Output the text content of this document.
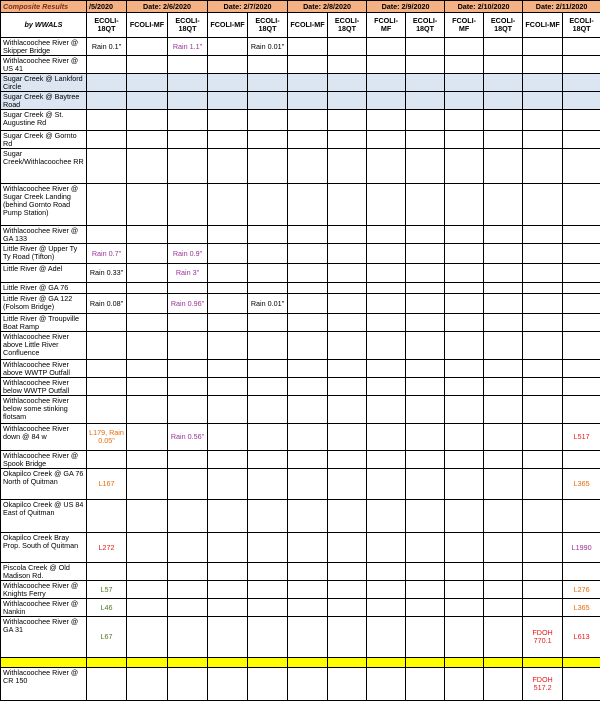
Composite Results	/5/2020	Date: 2/6/2020		Date: 2/7/2020		Date: 2/8/2020		Date: 2/9/2020		Date: 2/10/2020		Date: 2/11/2020	
by WWALS	ECOLI-18QT	FCOLI-MF	ECOLI-18QT	FCOLI-MF	ECOLI-18QT	FCOLI-MF	ECOLI-18QT	FCOLI-MF	ECOLI-18QT	FCOLI-MF	ECOLI-18QT	FCOLI-MF	ECOLI-18QT
Withlacoochee River @ Skipper Bridge	Rain 0.1"		Rain 1.1"		Rain 0.01"								
Withlacoochee River @ US 41													
Sugar Creek @ Lankford Circle													
Sugar Creek @ Baytree Road													
Sugar Creek @ St. Augustine Rd													
Sugar Creek @ Gornto Rd													
Sugar Creek/Withlacoochee RR													
Withlacoochee River @ Sugar Creek Landing (behind Gornto Road Pump Station)													
Withlacoochee River @ GA 133													
Little River @ Upper Ty Ty Road (Tifton)	Rain 0.7"		Rain 0.9"										
Little River @ Adel	Rain 0.33"		Rain 3"										
Little River @ GA 76													
Little River @ GA 122 (Folsom Bridge)	Rain 0.08"		Rain 0.96"		Rain 0.01"								
Little River @ Troupville Boat Ramp													
Withlacoochee River above Little River Confluence													
Withlacoochee River above WWTP Outfall													
Withlacoochee River below WWTP Outfall													
Withlacoochee River below some stinking flotsam													
Withlacoochee River down @ 84 w	L179, Rain 0.05"		Rain 0.56"										L517
Withlacoochee River @ Spook Bridge													
Okapilco Creek @ GA 76 North of Quitman	L167												L365
Okapilco Creek @ US 84 East of Quitman													
Okapilco Creek Bray Prop. South of Quitman	L272												L1990
Piscola Creek @ Old Madison Rd.													
Withlacoochee River @ Knights Ferry	L57												L276
Withlacoochee River @ Nankin	L46												L365
Withlacoochee River @ GA 31	L67											FDOH 770.1	L613

Withlacoochee River @ CR 150												FDOH 517.2	
